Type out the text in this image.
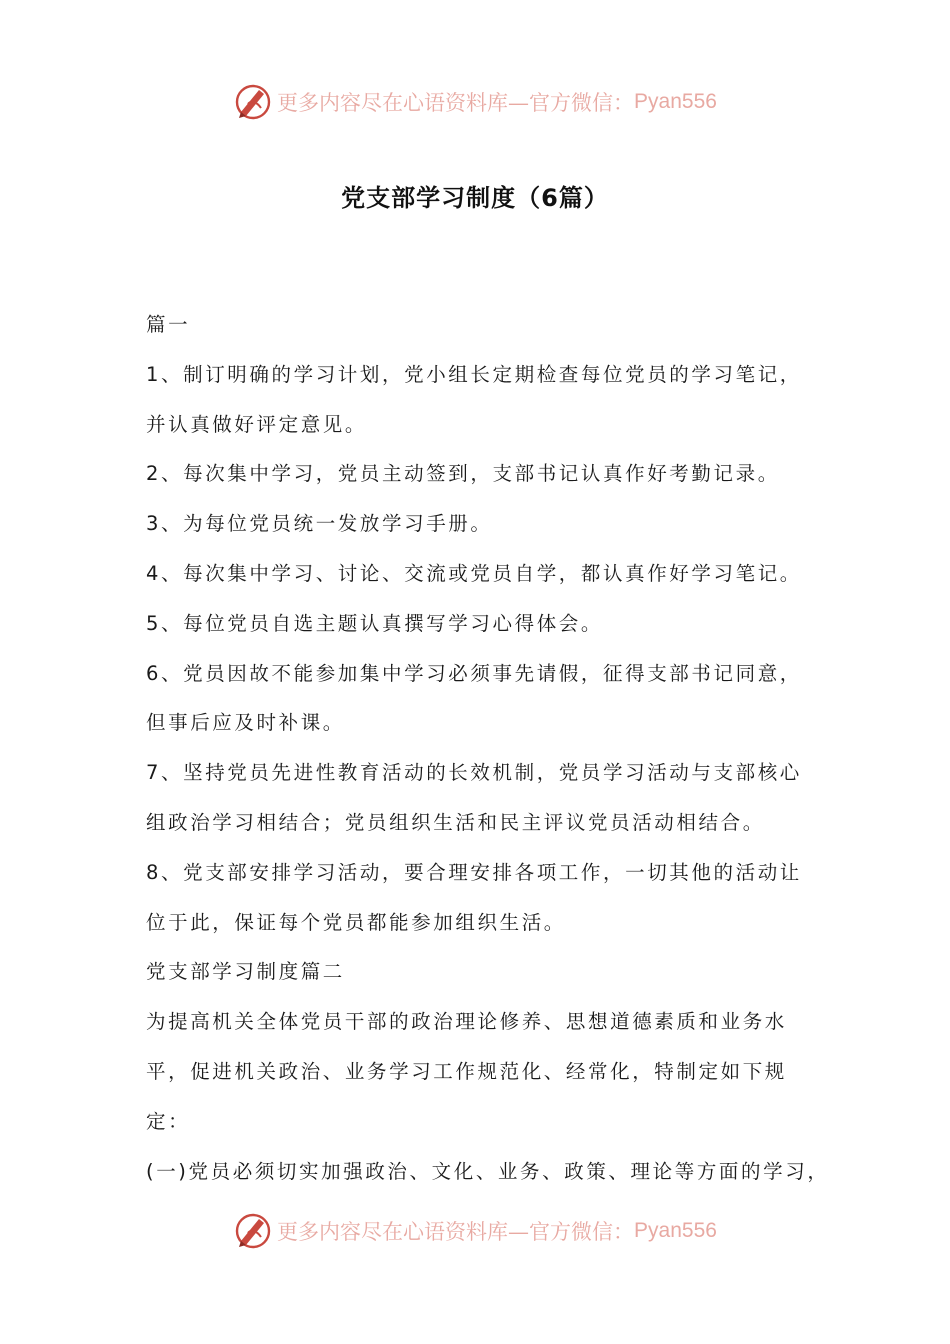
更多内容尽在心语资料库—官方微信： Pyan556
党支部学习制度（6篇）
篇一
1、制订明确的学习计划，党小组长定期检查每位党员的学习笔记，
并认真做好评定意见。
2、每次集中学习，党员主动签到，支部书记认真作好考勤记录。
3、为每位党员统一发放学习手册。
4、每次集中学习、讨论、交流或党员自学，都认真作好学习笔记。
5、每位党员自选主题认真撰写学习心得体会。
6、党员因故不能参加集中学习必须事先请假，征得支部书记同意，
但事后应及时补课。
7、坚持党员先进性教育活动的长效机制，党员学习活动与支部核心
组政治学习相结合；党员组织生活和民主评议党员活动相结合。
8、党支部安排学习活动，要合理安排各项工作，一切其他的活动让
位于此，保证每个党员都能参加组织生活。
党支部学习制度篇二
为提高机关全体党员干部的政治理论修养、思想道德素质和业务水
平，促进机关政治、业务学习工作规范化、经常化，特制定如下规
定：
(一)党员必须切实加强政治、文化、业务、政策、理论等方面的学习，
更多内容尽在心语资料库—官方微信： Pyan556
